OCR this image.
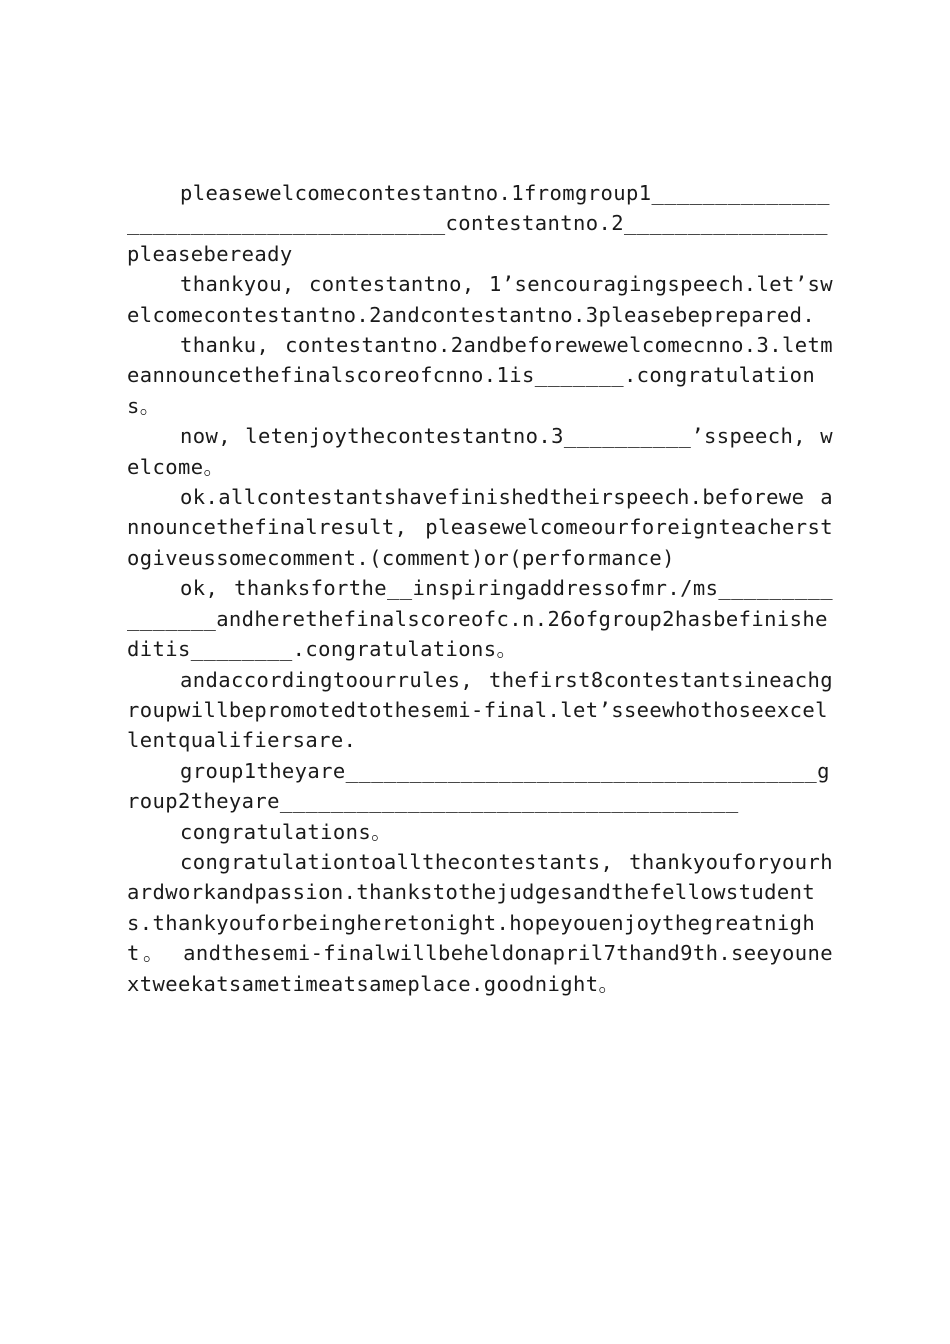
pleasewelcomecontestantno.1fromgroup1_______________________________________contestantno.2________________pleasebeready

thankyou, contestantno, 1’sencouragingspeech.let’swelcomecontestantno.2andcontestantno.3pleasebeprepared.

thanku, contestantno.2andbeforewewelcomecnno.3.letmeannouncethefinalscoreofcnno.1is_______.congratulations。

now, letenjoythecontestantno.3__________’sspeech, welcome。

ok.allcontestantshavefinishedtheirspeech.beforewe announcethefinalresult, pleasewelcomeourforeignteacherstogiveussomecomment.(comment)or(performance)

ok, thanksforthe__inspiringaddressofmr./ms________________andherethefinalscoreofc.n.26ofgroup2hasbefinisheditis________.congratulations。

andaccordingtoourrules, thefirst8contestantsineachgroupwillbepromotedtothesemi-final.let’sseewhothoseexcellentqualifiersare.

group1theyare_____________________________________group2theyare____________________________________

congratulations。

congratulationtoallthecontestants, thankyouforyourhardworkandpassion.thankstothejudgesandthefellowstudents.thankyouforbeingheretonight.hopeyouenjoythegreatnight。 andthesemi-finalwillbeheldonapril7thand9th.seeyounextweekatsametimeatsameplace.goodnight。
